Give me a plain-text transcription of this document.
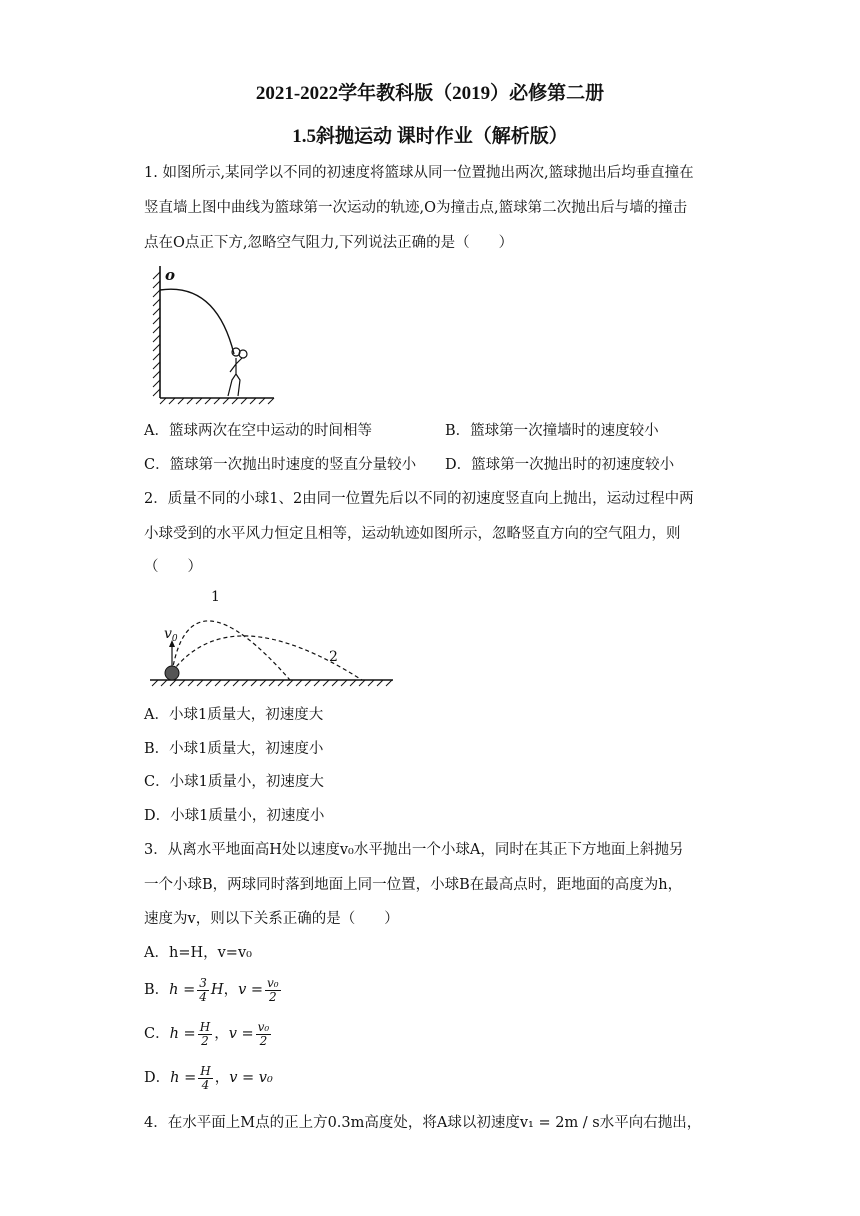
2021-2022学年教科版（2019）必修第二册
1.5斜抛运动 课时作业（解析版）
1. 如图所示,某同学以不同的初速度将篮球从同一位置抛出两次,篮球抛出后均垂直撞在
竖直墙上图中曲线为篮球第一次运动的轨迹,O为撞击点,篮球第二次抛出后与墙的撞击
点在O点正下方,忽略空气阻力,下列说法正确的是（　　）
o
A．篮球两次在空中运动的时间相等	B．篮球第一次撞墙时的速度较小
C．篮球第一次抛出时速度的竖直分量较小 D．篮球第一次抛出时的初速度较小
2．质量不同的小球1、2由同一位置先后以不同的初速度竖直向上抛出，运动过程中两
小球受到的水平风力恒定且相等，运动轨迹如图所示，忽略竖直方向的空气阻力，则
（　　）
$v_0$
1
2
A．小球1质量大，初速度大
B．小球1质量大，初速度小
C．小球1质量小，初速度大
D．小球1质量小，初速度小
3．从离水平地面高H处以速度v₀水平抛出一个小球A，同时在其正下方地面上斜抛另
一个小球B，两球同时落到地面上同一位置，小球B在最高点时，距地面的高度为h，
速度为v，则以下关系正确的是（　　）
A．h=H，v=v₀
B． $h = \frac{3}{4}$ H ， $v = \frac{\text{v₀}}{2}$
C． $h = \frac{H}{2}$ ， $v = \frac{\text{v₀}}{2}$
D． $h = \frac{H}{4}$ ， v = v₀
4．在水平面上M点的正上方0.3m高度处，将A球以初速度v₁ = 2m / s水平向右抛出，
